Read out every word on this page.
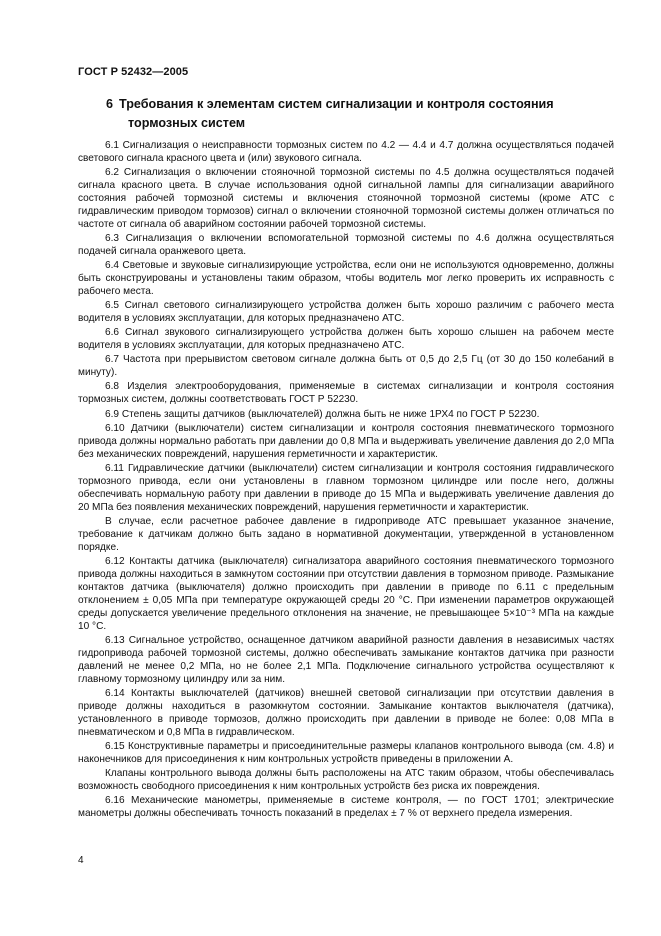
ГОСТ Р 52432—2005
6 Требования к элементам систем сигнализации и контроля состояния
тормозных систем

6.1 Сигнализация о неисправности тормозных систем по 4.2 — 4.4 и 4.7 должна осуществляться подачей светового сигнала красного цвета и (или) звукового сигнала.

6.2 Сигнализация о включении стояночной тормозной системы по 4.5 должна осуществляться подачей сигнала красного цвета. В случае использования одной сигнальной лампы для сигнализации аварийного состояния рабочей тормозной системы и включения стояночной тормозной системы (кроме АТС с гидравлическим приводом тормозов) сигнал о включении стояночной тормозной системы должен отличаться по частоте от сигнала об аварийном состоянии рабочей тормозной системы.

6.3 Сигнализация о включении вспомогательной тормозной системы по 4.6 должна осуществляться подачей сигнала оранжевого цвета.

6.4 Световые и звуковые сигнализирующие устройства, если они не используются одновременно, должны быть сконструированы и установлены таким образом, чтобы водитель мог легко проверить их исправность с рабочего места.

6.5 Сигнал светового сигнализирующего устройства должен быть хорошо различим с рабочего места водителя в условиях эксплуатации, для которых предназначено АТС.

6.6 Сигнал звукового сигнализирующего устройства должен быть хорошо слышен на рабочем месте водителя в условиях эксплуатации, для которых предназначено АТС.

6.7 Частота при прерывистом световом сигнале должна быть от 0,5 до 2,5 Гц (от 30 до 150 колебаний в минуту).

6.8 Изделия электрооборудования, применяемые в системах сигнализации и контроля состояния тормозных систем, должны соответствовать ГОСТ Р 52230.

6.9 Степень защиты датчиков (выключателей) должна быть не ниже 1РХ4 по ГОСТ Р 52230.

6.10 Датчики (выключатели) систем сигнализации и контроля состояния пневматического тормозного привода должны нормально работать при давлении до 0,8 МПа и выдерживать увеличение давления до 2,0 МПа без механических повреждений, нарушения герметичности и характеристик.

6.11 Гидравлические датчики (выключатели) систем сигнализации и контроля состояния гидравлического тормозного привода, если они установлены в главном тормозном цилиндре или после него, должны обеспечивать нормальную работу при давлении в приводе до 15 МПа и выдерживать увеличение давления до 20 МПа без появления механических повреждений, нарушения герметичности и характеристик.

В случае, если расчетное рабочее давление в гидроприводе АТС превышает указанное значение, требование к датчикам должно быть задано в нормативной документации, утвержденной в установленном порядке.

6.12 Контакты датчика (выключателя) сигнализатора аварийного состояния пневматического тормозного привода должны находиться в замкнутом состоянии при отсутствии давления в тормозном приводе. Размыкание контактов датчика (выключателя) должно происходить при давлении в приводе по 6.11 с предельным отклонением ± 0,05 МПа при температуре окружающей среды 20 °С. При изменении параметров окружающей среды допускается увеличение предельного отклонения на значение, не превышающее 5×10⁻³ МПа на каждые 10 °С.

6.13 Сигнальное устройство, оснащенное датчиком аварийной разности давления в независимых частях гидропривода рабочей тормозной системы, должно обеспечивать замыкание контактов датчика при разности давлений не менее 0,2 МПа, но не более 2,1 МПа. Подключение сигнального устройства осуществляют к главному тормозному цилиндру или за ним.

6.14 Контакты выключателей (датчиков) внешней световой сигнализации при отсутствии давления в приводе должны находиться в разомкнутом состоянии. Замыкание контактов выключателя (датчика), установленного в приводе тормозов, должно происходить при давлении в приводе не более: 0,08 МПа в пневматическом и 0,8 МПа в гидравлическом.

6.15 Конструктивные параметры и присоединительные размеры клапанов контрольного вывода (см. 4.8) и наконечников для присоединения к ним контрольных устройств приведены в приложении А.

Клапаны контрольного вывода должны быть расположены на АТС таким образом, чтобы обеспечивалась возможность свободного присоединения к ним контрольных устройств без риска их повреждения.

6.16 Механические манометры, применяемые в системе контроля, — по ГОСТ 1701; электрические манометры должны обеспечивать точность показаний в пределах ± 7 % от верхнего предела измерения.

4
